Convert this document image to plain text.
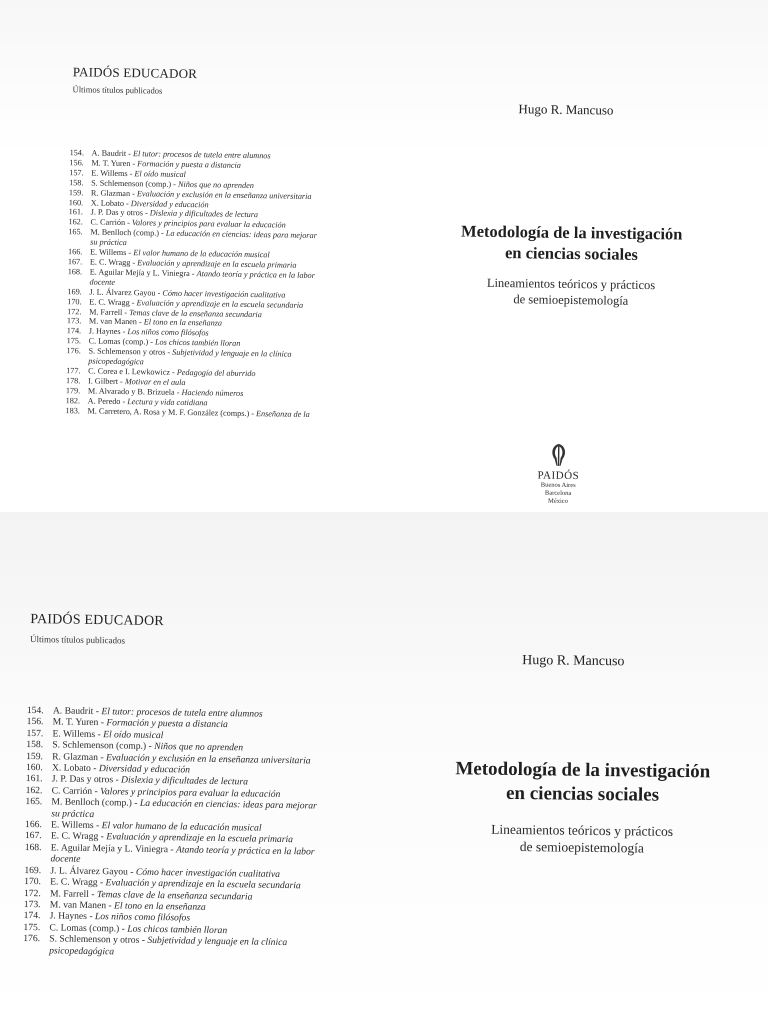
PAIDÓS EDUCADOR
Últimos títulos publicados
154. A. Baudrit - El tutor: procesos de tutela entre alumnos
156. M. T. Yuren - Formación y puesta a distancia
157. E. Willems - El oído musical
158. S. Schlemenson (comp.) - Niños que no aprenden
159. R. Glazman - Evaluación y exclusión en la enseñanza universitaria
160. X. Lobato - Diversidad y educación
161. J. P. Das y otros - Dislexia y dificultades de lectura
162. C. Carrión - Valores y principios para evaluar la educación
165. M. Benlloch (comp.) - La educación en ciencias: ideas para mejorar
su práctica
166. E. Willems - El valor humano de la educación musical
167. E. C. Wragg - Evaluación y aprendizaje en la escuela primaria
168. E. Aguilar Mejía y L. Viniegra - Atando teoría y práctica en la labor
docente
169. J. L. Álvarez Gayou - Cómo hacer investigación cualitativa
170. E. C. Wragg - Evaluación y aprendizaje en la escuela secundaria
172. M. Farrell - Temas clave de la enseñanza secundaria
173. M. van Manen - El tono en la enseñanza
174. J. Haynes - Los niños como filósofos
175. C. Lomas (comp.) - Los chicos también lloran
176. S. Schlemenson y otros - Subjetividad y lenguaje en la clínica
psicopedagógica
177. C. Corea e I. Lewkowicz - Pedagogía del aburrido
178. I. Gilbert - Motivar en el aula
179. M. Alvarado y B. Brizuela - Haciendo números
182. A. Peredo - Lectura y vida cotidiana
183. M. Carretero, A. Rosa y M. F. González (comps.) - Enseñanza de la
Hugo R. Mancuso
Metodología de la investigación
en ciencias sociales
Lineamientos teóricos y prácticos
de semioepistemología
PAIDÓS
Buenos Aires
Barcelona
México
PAIDÓS EDUCADOR
Últimos títulos publicados
154. A. Baudrit - El tutor: procesos de tutela entre alumnos
156. M. T. Yuren - Formación y puesta a distancia
157. E. Willems - El oído musical
158. S. Schlemenson (comp.) - Niños que no aprenden
159. R. Glazman - Evaluación y exclusión en la enseñanza universitaria
160. X. Lobato - Diversidad y educación
161. J. P. Das y otros - Dislexia y dificultades de lectura
162. C. Carrión - Valores y principios para evaluar la educación
165. M. Benlloch (comp.) - La educación en ciencias: ideas para mejorar
su práctica
166. E. Willems - El valor humano de la educación musical
167. E. C. Wragg - Evaluación y aprendizaje en la escuela primaria
168. E. Aguilar Mejía y L. Viniegra - Atando teoría y práctica en la labor
docente
169. J. L. Álvarez Gayou - Cómo hacer investigación cualitativa
170. E. C. Wragg - Evaluación y aprendizaje en la escuela secundaria
172. M. Farrell - Temas clave de la enseñanza secundaria
173. M. van Manen - El tono en la enseñanza
174. J. Haynes - Los niños como filósofos
175. C. Lomas (comp.) - Los chicos también lloran
176. S. Schlemenson y otros - Subjetividad y lenguaje en la clínica
psicopedagógica
Hugo R. Mancuso
Metodología de la investigación
en ciencias sociales
Lineamientos teóricos y prácticos
de semioepistemología
